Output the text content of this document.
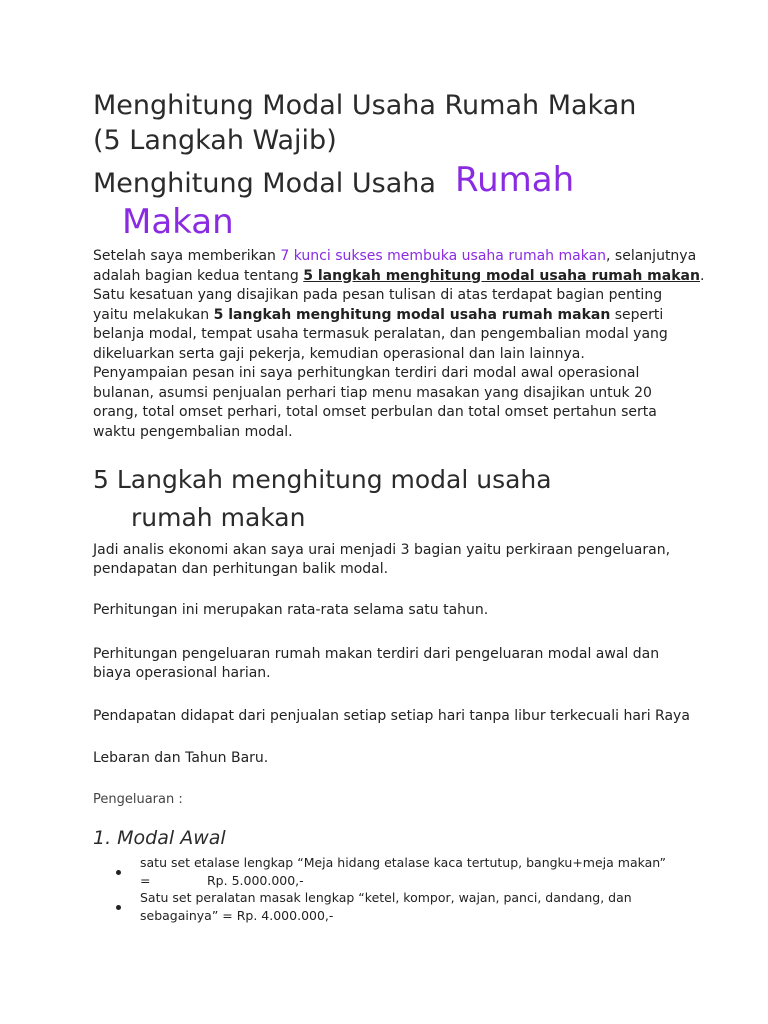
Menghitung Modal Usaha Rumah Makan
(5 Langkah Wajib)
Menghitung Modal Usaha Rumah
Makan
Setelah saya memberikan 7 kunci sukses membuka usaha rumah makan, selanjutnya
adalah bagian kedua tentang 5 langkah menghitung modal usaha rumah makan.
Satu kesatuan yang disajikan pada pesan tulisan di atas terdapat bagian penting
yaitu melakukan 5 langkah menghitung modal usaha rumah makan seperti
belanja modal, tempat usaha termasuk peralatan, dan pengembalian modal yang
dikeluarkan serta gaji pekerja, kemudian operasional dan lain lainnya.
Penyampaian pesan ini saya perhitungkan terdiri dari modal awal operasional
bulanan, asumsi penjualan perhari tiap menu masakan yang disajikan untuk 20
orang, total omset perhari, total omset perbulan dan total omset pertahun serta
waktu pengembalian modal.
5 Langkah menghitung modal usaha
rumah makan
Jadi analis ekonomi akan saya urai menjadi 3 bagian yaitu perkiraan pengeluaran,
pendapatan dan perhitungan balik modal.
Perhitungan ini merupakan rata-rata selama satu tahun.
Perhitungan pengeluaran rumah makan terdiri dari pengeluaran modal awal dan
biaya operasional harian.
Pendapatan didapat dari penjualan setiap setiap hari tanpa libur terkecuali hari Raya
Lebaran dan Tahun Baru.
Pengeluaran :
1. Modal Awal
satu set etalase lengkap “Meja hidang etalase kaca tertutup, bangku+meja makan”
=	Rp. 5.000.000,-
Satu set peralatan masak lengkap “ketel, kompor, wajan, panci, dandang, dan
sebagainya” = Rp. 4.000.000,-
